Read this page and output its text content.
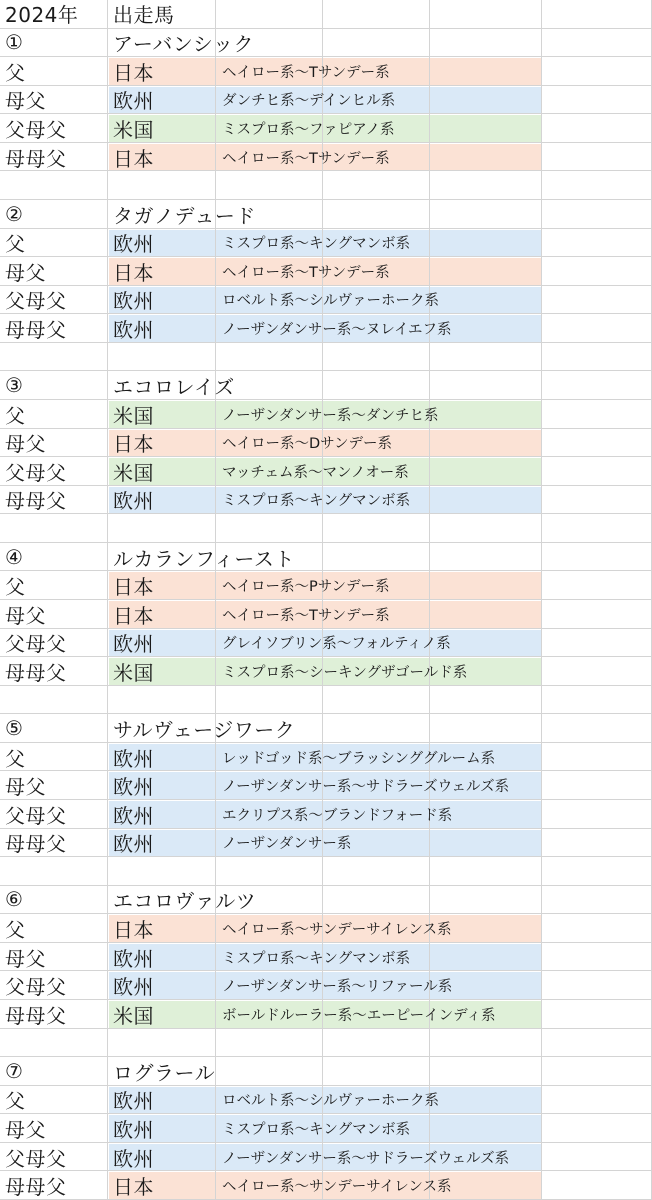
2024年 出走馬
①	アーバンシック
父	日本	ヘイロー系〜Tサンデー系
母父	欧州	ダンチヒ系〜デインヒル系
父母父 米国	ミスプロ系〜ファピアノ系
母母父 日本	ヘイロー系〜Tサンデー系
②	タガノデュード
父	欧州	ミスプロ系〜キングマンボ系
母父	日本	ヘイロー系〜Tサンデー系
父母父 欧州	ロベルト系〜シルヴァーホーク系
母母父 欧州	ノーザンダンサー系〜ヌレイエフ系
③	エコロレイズ
父	米国	ノーザンダンサー系〜ダンチヒ系
母父	日本	ヘイロー系〜Dサンデー系
父母父 米国	マッチェム系〜マンノオー系
母母父 欧州	ミスプロ系〜キングマンボ系
④	ルカランフィースト
父	日本	ヘイロー系〜Pサンデー系
母父	日本	ヘイロー系〜Tサンデー系
父母父 欧州	グレイソブリン系〜フォルティノ系
母母父 米国	ミスプロ系〜シーキングザゴールド系
⑤	サルヴェージワーク
父	欧州	レッドゴッド系〜ブラッシンググルーム系
母父	欧州	ノーザンダンサー系〜サドラーズウェルズ系
父母父 欧州	エクリプス系〜ブランドフォード系
母母父 欧州	ノーザンダンサー系
⑥	エコロヴァルツ
父	日本	ヘイロー系〜サンデーサイレンス系
母父	欧州	ミスプロ系〜キングマンボ系
父母父 欧州	ノーザンダンサー系〜リファール系
母母父 米国	ボールドルーラー系〜エーピーインディ系
⑦	ログラール
父	欧州	ロベルト系〜シルヴァーホーク系
母父	欧州	ミスプロ系〜キングマンボ系
父母父 欧州	ノーザンダンサー系〜サドラーズウェルズ系
母母父 日本	ヘイロー系〜サンデーサイレンス系
